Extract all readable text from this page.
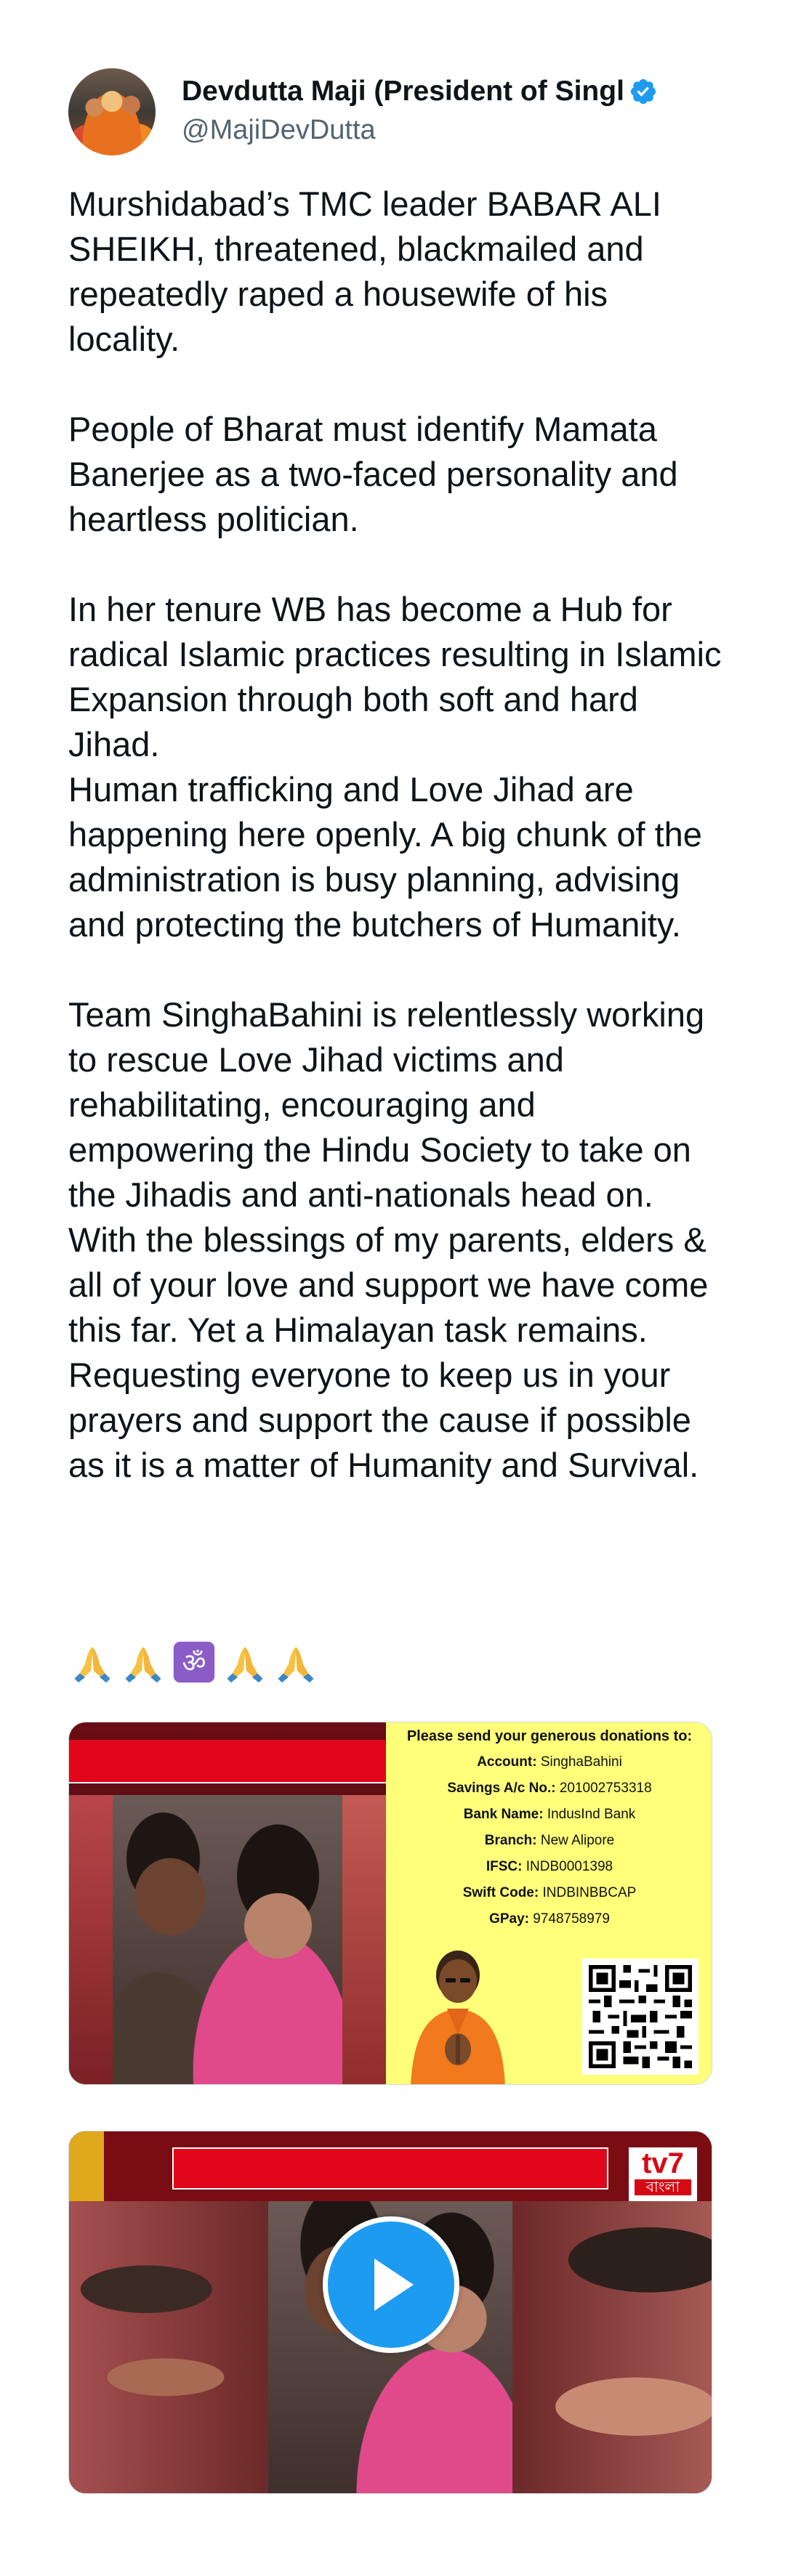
Devdutta Maji (President of Singl
@MajiDevDutta
Murshidabad’s TMC leader BABAR ALI SHEIKH, threatened, blackmailed and repeatedly raped a housewife of his locality.
People of Bharat must identify Mamata Banerjee as a two-faced personality and heartless politician.
In her tenure WB has become a Hub for radical Islamic practices resulting in Islamic Expansion through both soft and hard Jihad.
Human trafficking and Love Jihad are happening here openly. A big chunk of the administration is busy planning, advising and protecting the butchers of Humanity.
Team SinghaBahini is relentlessly working to rescue Love Jihad victims and rehabilitating, encouraging and empowering the Hindu Society to take on the Jihadis and anti-nationals head on.
With the blessings of my parents, elders & all of your love and support we have come this far. Yet a Himalayan task remains.
Requesting everyone to keep us in your prayers and support the cause if possible as it is a matter of Humanity and Survival.
ॐ
Please send your generous donations to:
Account: SinghaBahini
Savings A/c No.: 201002753318
Bank Name: IndusInd Bank
Branch: New Alipore
IFSC: INDB0001398
Swift Code: INDBINBBCAP
GPay: 9748758979
tv7
বাংলা
